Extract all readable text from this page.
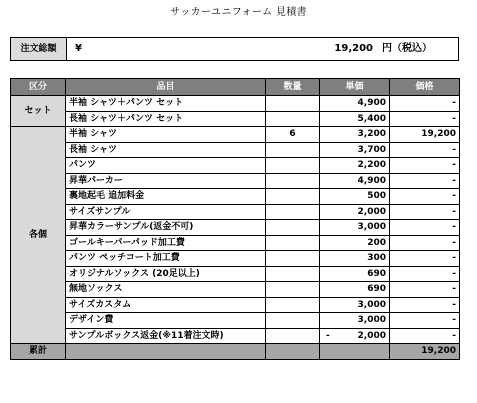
サッカーユニフォーム 見積書
注文総額	¥	19,200 円（税込）
区分	品目	数量	単価	価格
セット	半袖 シャツ＋パンツ セット		4,900	-
	長袖 シャツ＋パンツ セット		5,400	-
各個	半袖 シャツ	6	3,200	19,200
	長袖 シャツ		3,700	-
	パンツ		2,200	-
	昇華パーカー		4,900	-
	裏地起毛 追加料金		500	-
	サイズサンプル		2,000	-
	昇華カラーサンプル(返金不可)		3,000	-
	ゴールキーパーパッド加工費		200	-
	パンツ ペッチコート加工費		300	-
	オリジナルソックス (20足以上)		690	-
	無地ソックス		690	-
	サイズカスタム		3,000	-
	デザイン費		3,000	-
	サンプルボックス返金(※11着注文時)		- 2,000	-
累計				19,200
